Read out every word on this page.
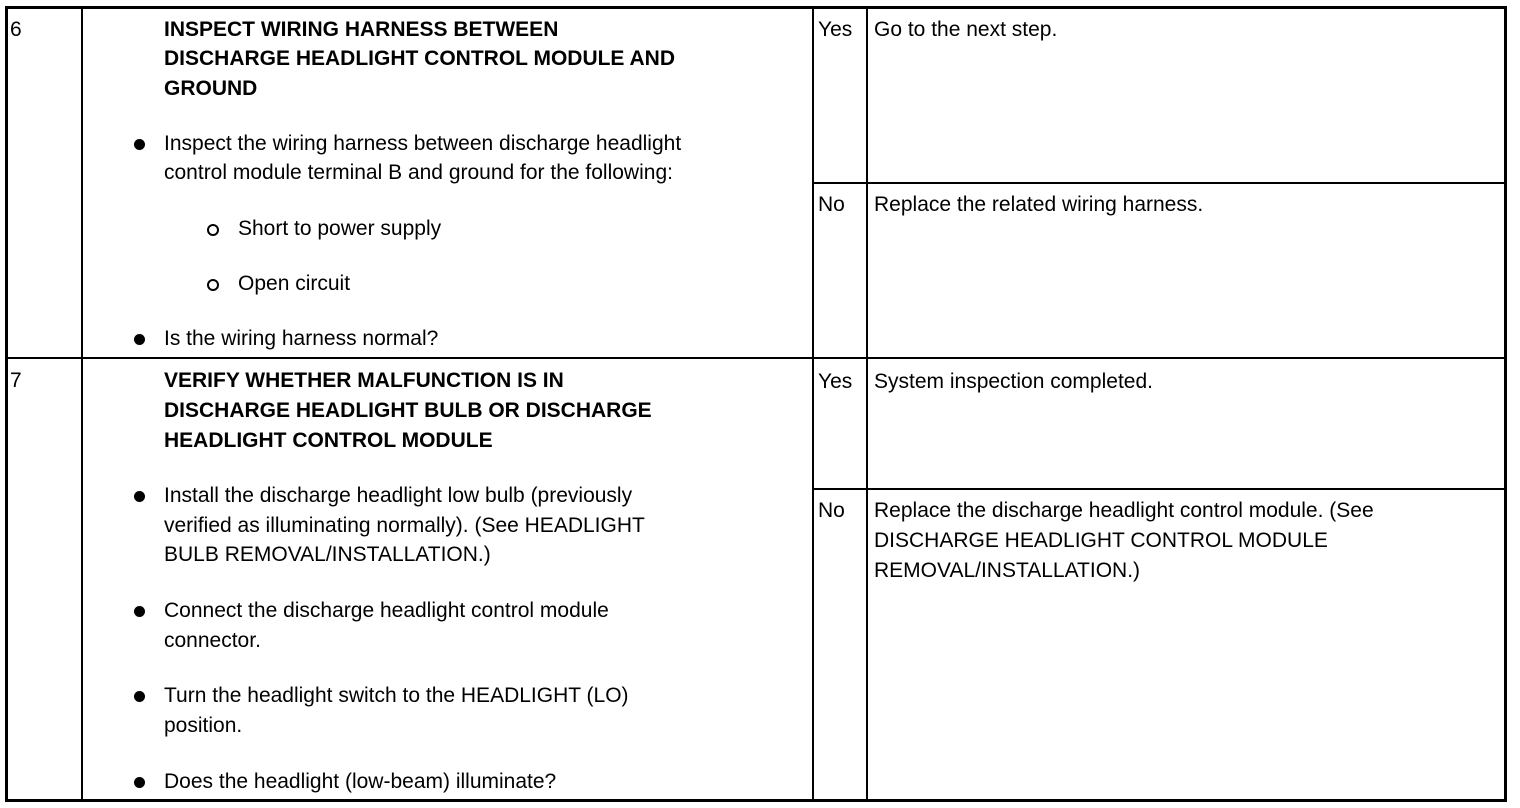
6	INSPECT WIRING HARNESS BETWEEN
DISCHARGE HEADLIGHT CONTROL MODULE AND
GROUND
Inspect the wiring harness between discharge headlight
control module terminal B and ground for the following:
Short to power supply
Open circuit
Is the wiring harness normal?
Yes Go to the next step.
No Replace the related wiring harness.
7	VERIFY WHETHER MALFUNCTION IS IN
DISCHARGE HEADLIGHT BULB OR DISCHARGE
HEADLIGHT CONTROL MODULE
Install the discharge headlight low bulb (previously
verified as illuminating normally). (See HEADLIGHT
BULB REMOVAL/INSTALLATION.)
Connect the discharge headlight control module
connector.
Turn the headlight switch to the HEADLIGHT (LO)
position.
Does the headlight (low-beam) illuminate?
Yes System inspection completed.
No Replace the discharge headlight control module. (See
DISCHARGE HEADLIGHT CONTROL MODULE
REMOVAL/INSTALLATION.)
